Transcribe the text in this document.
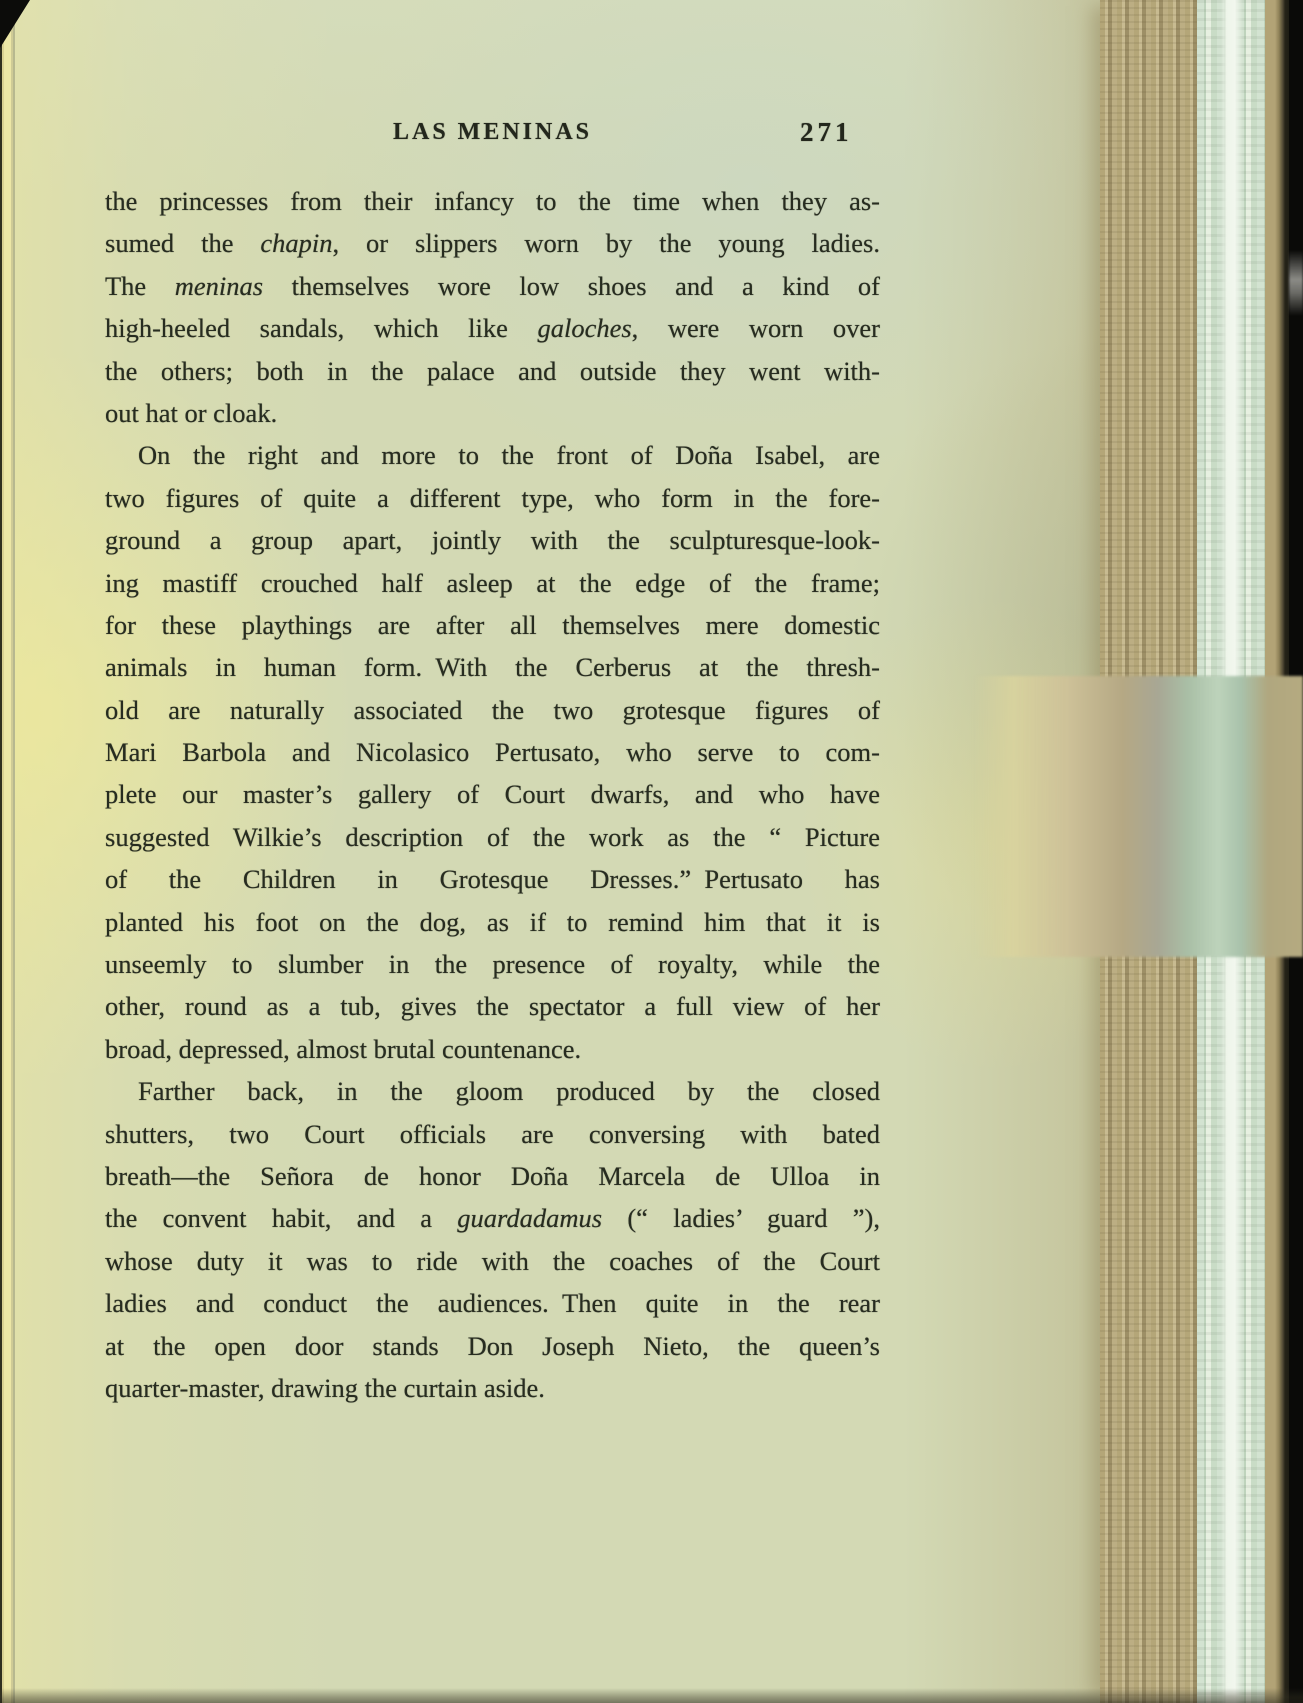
LAS MENINAS	271
the princesses from their infancy to the time when they as-
sumed the chapin, or slippers worn by the young ladies.
The meninas themselves wore low shoes and a kind of
high-heeled sandals, which like galoches, were worn over
the others; both in the palace and outside they went with-
out hat or cloak.
On the right and more to the front of Doña Isabel, are
two figures of quite a different type, who form in the fore-
ground a group apart, jointly with the sculpturesque-look-
ing mastiff crouched half asleep at the edge of the frame;
for these playthings are after all themselves mere domestic
animals in human form. With the Cerberus at the thresh-
old are naturally associated the two grotesque figures of
Mari Barbola and Nicolasico Pertusato, who serve to com-
plete our master’s gallery of Court dwarfs, and who have
suggested Wilkie’s description of the work as the “ Picture
of the Children in Grotesque Dresses.” Pertusato has
planted his foot on the dog, as if to remind him that it is
unseemly to slumber in the presence of royalty, while the
other, round as a tub, gives the spectator a full view of her
broad, depressed, almost brutal countenance.
Farther back, in the gloom produced by the closed
shutters, two Court officials are conversing with bated
breath—the Señora de honor Doña Marcela de Ulloa in
the convent habit, and a guardadamus (“ ladies’ guard ”),
whose duty it was to ride with the coaches of the Court
ladies and conduct the audiences. Then quite in the rear
at the open door stands Don Joseph Nieto, the queen’s
quarter-master, drawing the curtain aside.
